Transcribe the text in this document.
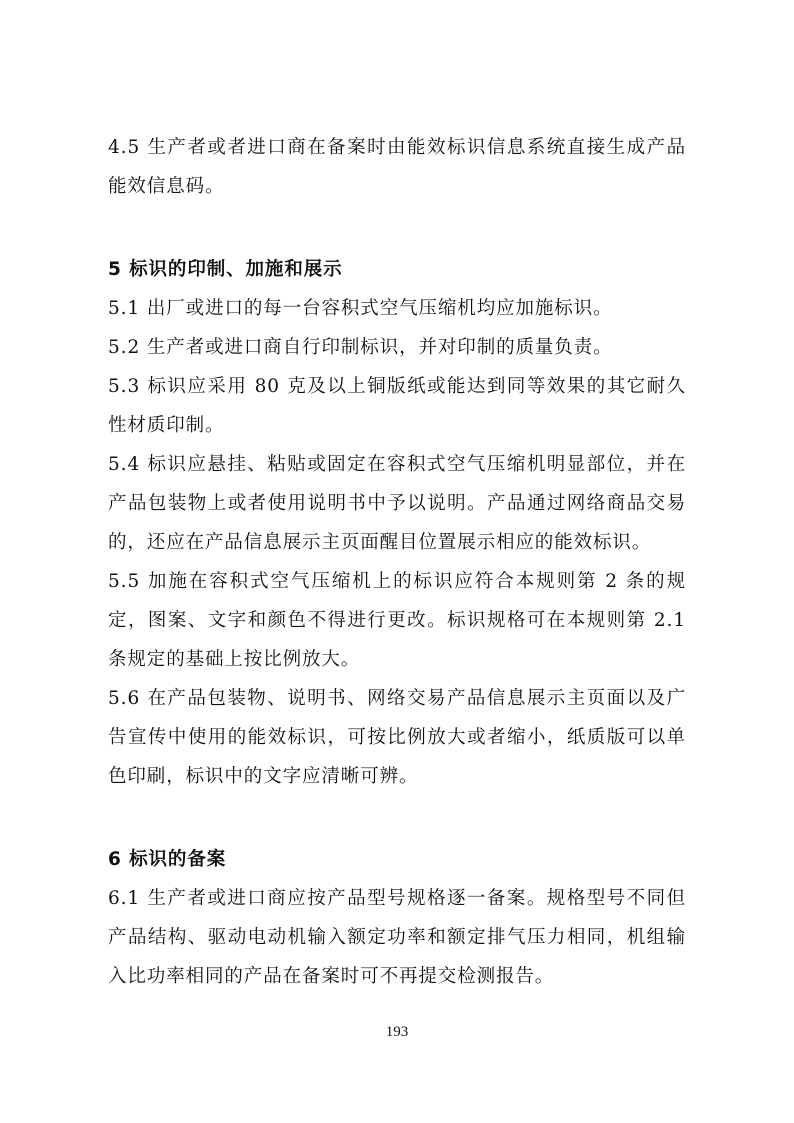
4.5 生产者或者进口商在备案时由能效标识信息系统直接生成产品能效信息码。

5 标识的印制、加施和展示

5.1 出厂或进口的每一台容积式空气压缩机均应加施标识。

5.2 生产者或进口商自行印制标识，并对印制的质量负责。

5.3 标识应采用 80 克及以上铜版纸或能达到同等效果的其它耐久性材质印制。

5.4 标识应悬挂、粘贴或固定在容积式空气压缩机明显部位，并在产品包装物上或者使用说明书中予以说明。产品通过网络商品交易的，还应在产品信息展示主页面醒目位置展示相应的能效标识。

5.5 加施在容积式空气压缩机上的标识应符合本规则第 2 条的规定，图案、文字和颜色不得进行更改。标识规格可在本规则第 2.1 条规定的基础上按比例放大。

5.6 在产品包装物、说明书、网络交易产品信息展示主页面以及广告宣传中使用的能效标识，可按比例放大或者缩小，纸质版可以单色印刷，标识中的文字应清晰可辨。

6 标识的备案

6.1 生产者或进口商应按产品型号规格逐一备案。规格型号不同但产品结构、驱动电动机输入额定功率和额定排气压力相同，机组输入比功率相同的产品在备案时可不再提交检测报告。

193
